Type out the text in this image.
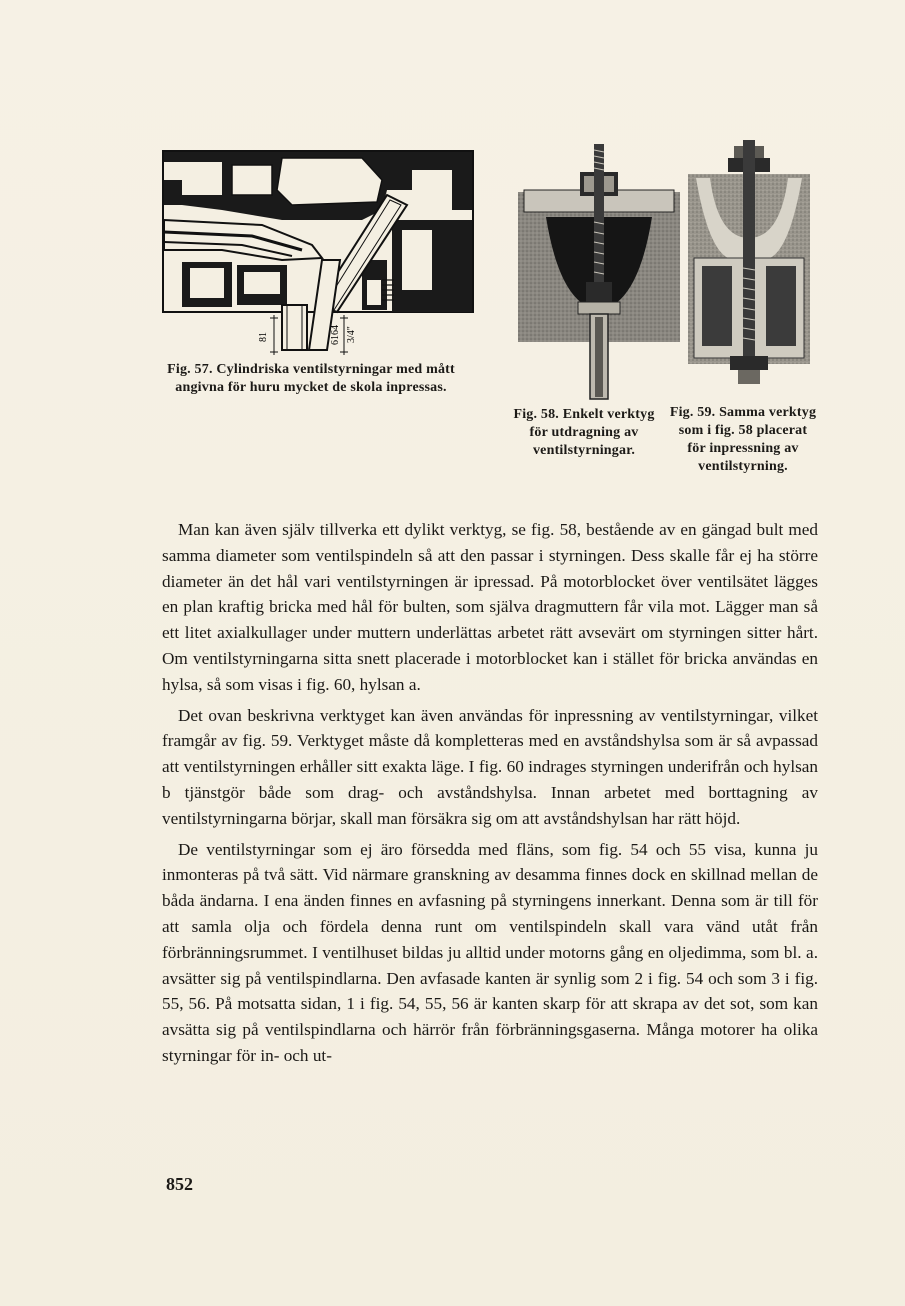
81	6164 3/4"
Fig. 57. Cylindriska ventilstyrningar med mått angivna för huru mycket de skola inpressas.
Fig. 58. Enkelt verktyg för utdragning av ventilstyrningar.
Fig. 59. Samma verktyg som i fig. 58 placerat för inpressning av ventilstyrning.

Man kan även själv tillverka ett dylikt verktyg, se fig. 58, bestående av en gängad bult med samma diameter som ventilspindeln så att den passar i styrningen. Dess skalle får ej ha större diameter än det hål vari ventilstyrningen är ipressad. På motorblocket över ventilsätet lägges en plan kraftig bricka med hål för bulten, som själva dragmuttern får vila mot. Lägger man så ett litet axialkullager under muttern underlättas arbetet rätt avsevärt om styrningen sitter hårt. Om ventilstyrningarna sitta snett placerade i motorblocket kan i stället för bricka användas en hylsa, så som visas i fig. 60, hylsan a.

Det ovan beskrivna verktyget kan även användas för inpressning av ventilstyrningar, vilket framgår av fig. 59. Verktyget måste då kompletteras med en avståndshylsa som är så avpassad att ventilstyrningen erhåller sitt exakta läge. I fig. 60 indrages styrningen underifrån och hylsan b tjänstgör både som drag- och avståndshylsa. Innan arbetet med borttagning av ventilstyrningarna börjar, skall man försäkra sig om att avståndshylsan har rätt höjd.

De ventilstyrningar som ej äro försedda med fläns, som fig. 54 och 55 visa, kunna ju inmonteras på två sätt. Vid närmare granskning av desamma finnes dock en skillnad mellan de båda ändarna. I ena änden finnes en avfasning på styrningens innerkant. Denna som är till för att samla olja och fördela denna runt om ventilspindeln skall vara vänd utåt från förbränningsrummet. I ventilhuset bildas ju alltid under motorns gång en oljedimma, som bl. a. avsätter sig på ventilspindlarna. Den avfasade kanten är synlig som 2 i fig. 54 och som 3 i fig. 55, 56. På motsatta sidan, 1 i fig. 54, 55, 56 är kanten skarp för att skrapa av det sot, som kan avsätta sig på ventilspindlarna och härrör från förbränningsgaserna. Många motorer ha olika styrningar för in- och ut-

852
